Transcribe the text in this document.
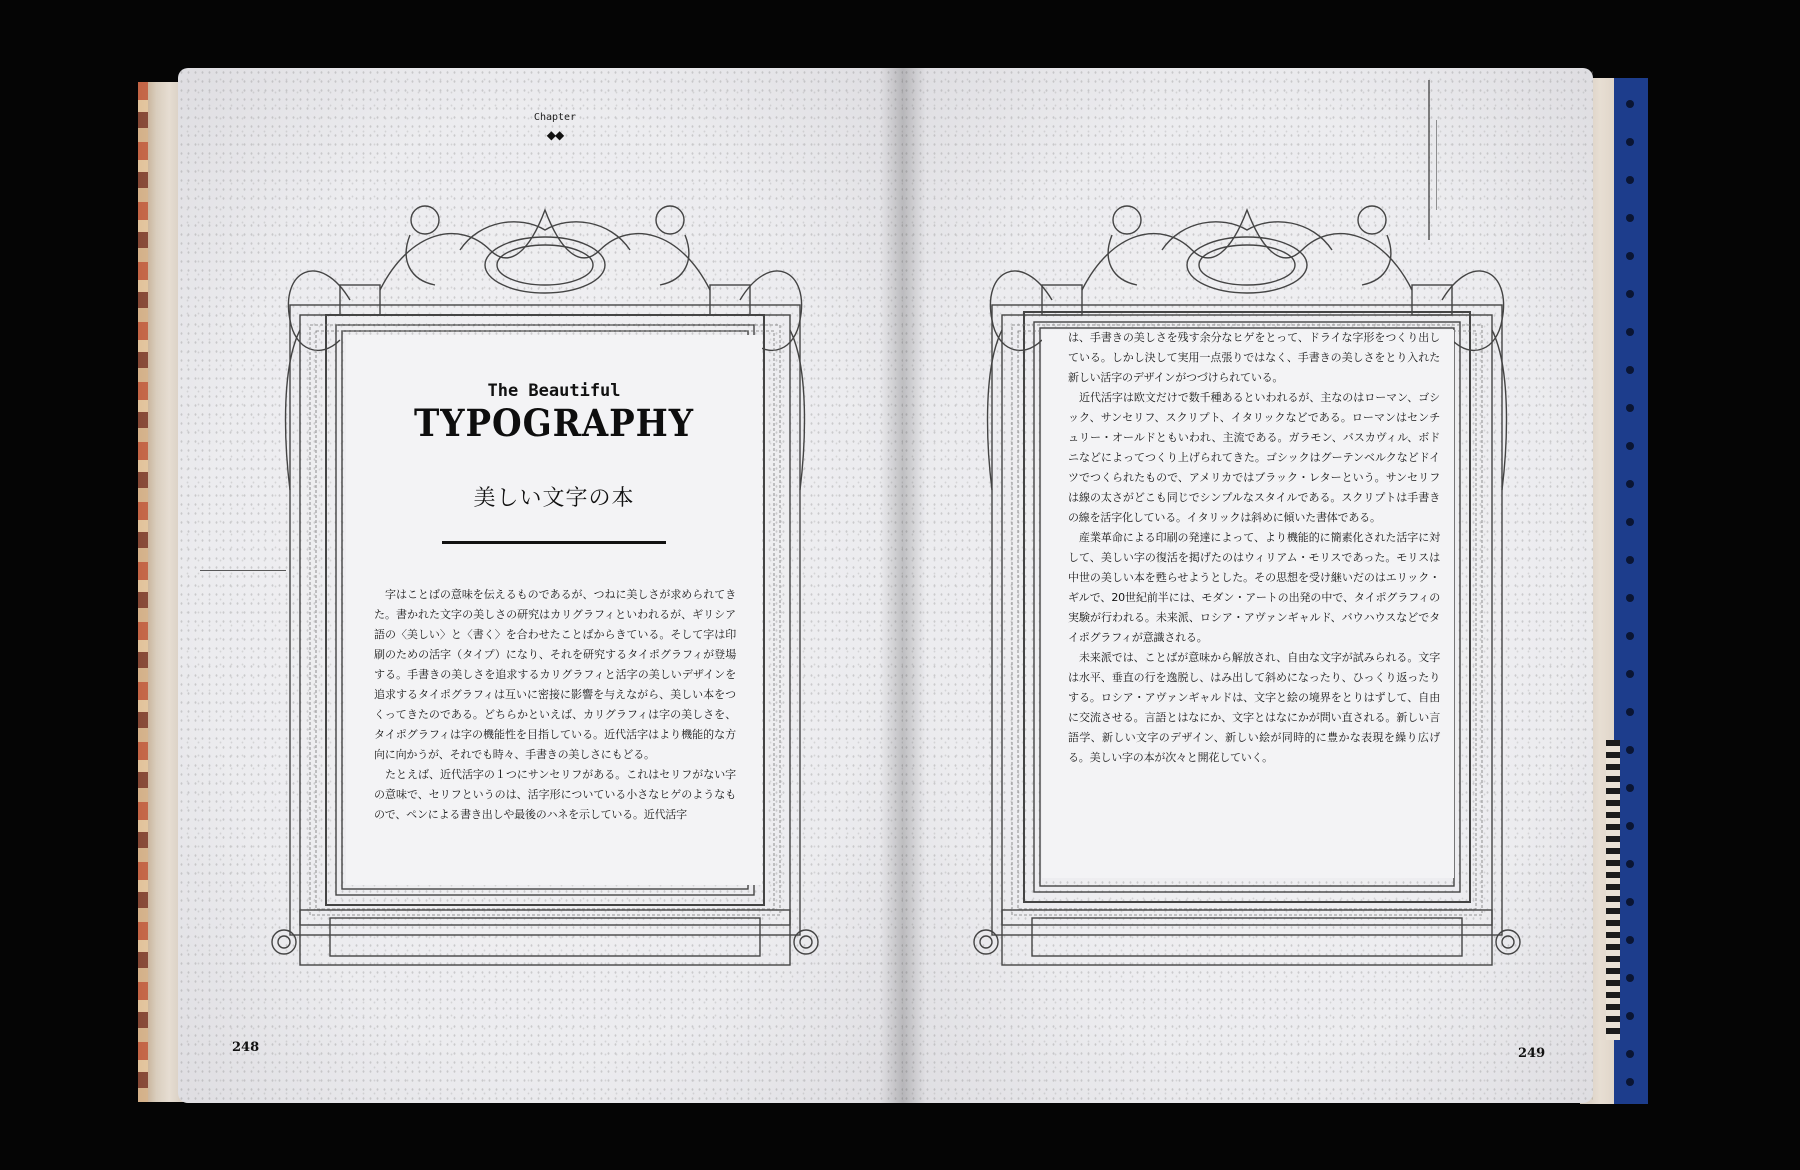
Chapter
◆◆
The Beautiful
TYPOGRAPHY
美しい文字の本

字はことばの意味を伝えるものであるが、つねに美しさが求められてきた。書かれた文字の美しさの研究はカリグラフィといわれるが、ギリシア語の〈美しい〉と〈書く〉を合わせたことばからきている。そして字は印刷のための活字（タイプ）になり、それを研究するタイポグラフィが登場する。手書きの美しさを追求するカリグラフィと活字の美しいデザインを追求するタイポグラフィは互いに密接に影響を与えながら、美しい本をつくってきたのである。どちらかといえば、カリグラフィは字の美しさを、タイポグラフィは字の機能性を目指している。近代活字はより機能的な方向に向かうが、それでも時々、手書きの美しさにもどる。

たとえば、近代活字の１つにサンセリフがある。これはセリフがない字の意味で、セリフというのは、活字形についている小さなヒゲのようなもので、ペンによる書き出しや最後のハネを示している。近代活字

は、手書きの美しさを残す余分なヒゲをとって、ドライな字形をつくり出している。しかし決して実用一点張りではなく、手書きの美しさをとり入れた新しい活字のデザインがつづけられている。

近代活字は欧文だけで数千種あるといわれるが、主なのはローマン、ゴシック、サンセリフ、スクリプト、イタリックなどである。ローマンはセンチュリー・オールドともいわれ、主流である。ガラモン、バスカヴィル、ボドニなどによってつくり上げられてきた。ゴシックはグーテンベルクなどドイツでつくられたもので、アメリカではブラック・レターという。サンセリフは線の太さがどこも同じでシンプルなスタイルである。スクリプトは手書きの線を活字化している。イタリックは斜めに傾いた書体である。

産業革命による印刷の発達によって、より機能的に簡素化された活字に対して、美しい字の復活を掲げたのはウィリアム・モリスであった。モリスは中世の美しい本を甦らせようとした。その思想を受け継いだのはエリック・ギルで、20世紀前半には、モダン・アートの出発の中で、タイポグラフィの実験が行われる。未来派、ロシア・アヴァンギャルド、バウハウスなどでタイポグラフィが意識される。

未来派では、ことばが意味から解放され、自由な文字が試みられる。文字は水平、垂直の行を逸脱し、はみ出して斜めになったり、ひっくり返ったりする。ロシア・アヴァンギャルドは、文字と絵の境界をとりはずして、自由に交流させる。言語とはなにか、文字とはなにかが問い直される。新しい言語学、新しい文字のデザイン、新しい絵が同時的に豊かな表現を繰り広げる。美しい字の本が次々と開花していく。

248	249
